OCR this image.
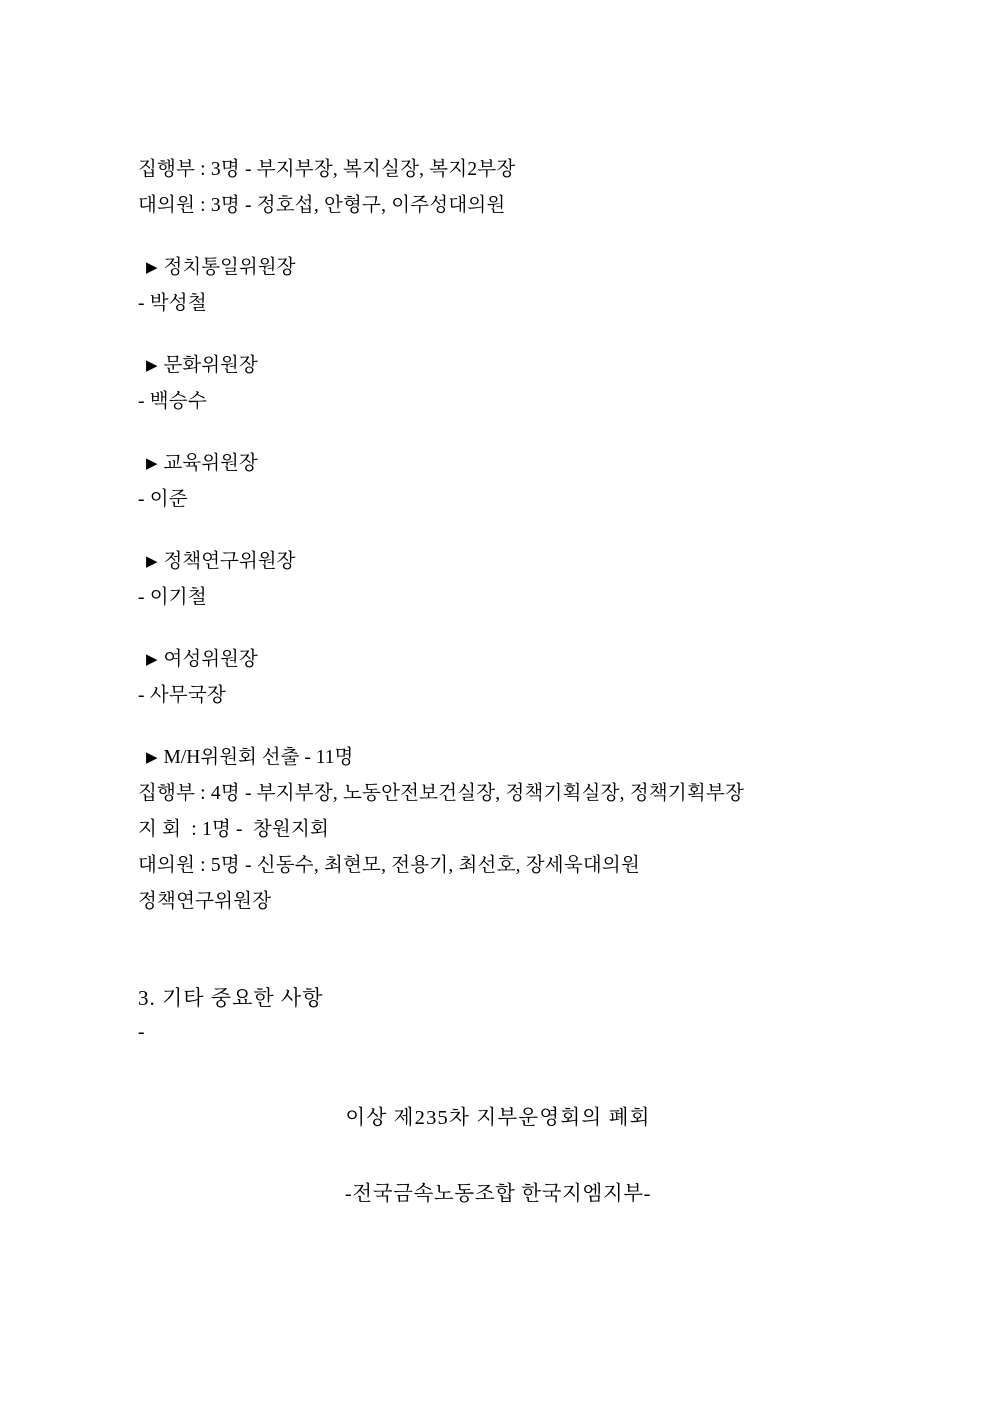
집행부 : 3명 - 부지부장, 복지실장, 복지2부장
대의원 : 3명 - 정호섭, 안형구, 이주성대의원
▶ 정치통일위원장
- 박성철
▶ 문화위원장
- 백승수
▶ 교육위원장
- 이준
▶ 정책연구위원장
- 이기철
▶ 여성위원장
- 사무국장
▶ M/H위원회 선출 - 11명
집행부 : 4명 - 부지부장, 노동안전보건실장, 정책기획실장, 정책기획부장
지 회  : 1명 -  창원지회
대의원 : 5명 - 신동수, 최현모, 전용기, 최선호, 장세욱대의원
정책연구위원장
3. 기타 중요한 사항
-
이상 제235차 지부운영회의 폐회
-전국금속노동조합 한국지엠지부-
